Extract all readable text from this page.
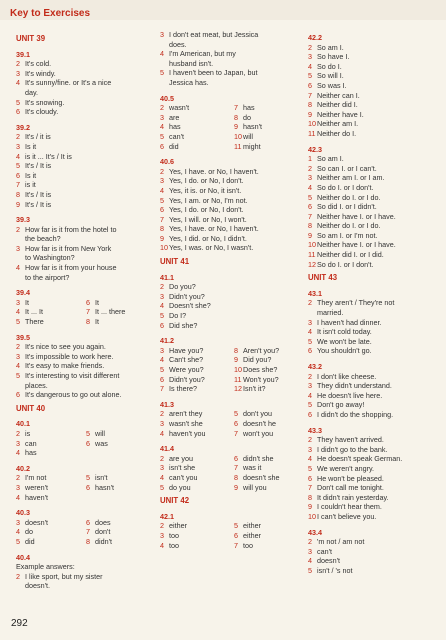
Key to Exercises
UNIT 39
39.1
2 It's cold.
3 It's windy.
4 It's sunny/fine. or It's a nice
day.
5 It's snowing.
6 It's cloudy.
39.2
2 It's / it is
3 Is it
4 is it ... It's / It is
5 It's / It is
6 Is it
7 is it
8 It's / It is
9 It's / It is
39.3
2 How far is it from the hotel to
the beach?
3 How far is it from New York
to Washington?
4 How far is it from your house
to the airport?
39.4
3 It
4 It ... It
5 There
6 It
7 It ... there
8 It
39.5
2 It's nice to see you again.
3 It's impossible to work here.
4 It's easy to make friends.
5 It's interesting to visit different
places.
6 It's dangerous to go out alone.
UNIT 40
40.1
2 is
3 can
4 has
5 will
6 was
40.2
2 I'm not
3 weren't
4 haven't
5 isn't
6 hasn't
40.3
3 doesn't
4 do
5 did
6 does
7 don't
8 didn't
40.4
Example answers:
2 I like sport, but my sister
doesn't.
3 I don't eat meat, but Jessica
does.
4 I'm American, but my
husband isn't.
5 I haven't been to Japan, but
Jessica has.
40.5
2 wasn't
3 are
4 has
5 can't
6 did
7 has
8 do
9 hasn't
10 will
11 might
40.6
2 Yes, I have. or No, I haven't.
3 Yes, I do. or No, I don't.
4 Yes, it is. or No, it isn't.
5 Yes, I am. or No, I'm not.
6 Yes, I do. or No, I don't.
7 Yes, I will. or No, I won't.
8 Yes, I have. or No, I haven't.
9 Yes, I did. or No, I didn't.
10 Yes, I was. or No, I wasn't.
UNIT 41
41.1
2 Do you?
3 Didn't you?
4 Doesn't she?
5 Do I?
6 Did she?
41.2
3 Have you?
4 Can't she?
5 Were you?
6 Didn't you?
7 Is there?
8 Aren't you?
9 Did you?
10 Does she?
11 Won't you?
12 Isn't it?
41.3
2 aren't they
3 wasn't she
4 haven't you
5 don't you
6 doesn't he
7 won't you
41.4
2 are you
3 isn't she
4 can't you
5 do you
6 didn't she
7 was it
8 doesn't she
9 will you
UNIT 42
42.1
2 either
3 too
4 too
5 either
6 either
7 too
42.2
2 So am I.
3 So have I.
4 So do I.
5 So will I.
6 So was I.
7 Neither can I.
8 Neither did I.
9 Neither have I.
10 Neither am I.
11 Neither do I.
42.3
1 So am I.
2 So can I. or I can't.
3 Neither am I. or I am.
4 So do I. or I don't.
5 Neither do I. or I do.
6 So did I. or I didn't.
7 Neither have I. or I have.
8 Neither do I. or I do.
9 So am I. or I'm not.
10 Neither have I. or I have.
11 Neither did I. or I did.
12 So do I. or I don't.
UNIT 43
43.1
2 They aren't / They're not
married.
3 I haven't had dinner.
4 It isn't cold today.
5 We won't be late.
6 You shouldn't go.
43.2
2 I don't like cheese.
3 They didn't understand.
4 He doesn't live here.
5 Don't go away!
6 I didn't do the shopping.
43.3
2 They haven't arrived.
3 I didn't go to the bank.
4 He doesn't speak German.
5 We weren't angry.
6 He won't be pleased.
7 Don't call me tonight.
8 It didn't rain yesterday.
9 I couldn't hear them.
10 I can't believe you.
43.4
2 'm not / am not
3 can't
4 doesn't
5 isn't / 's not
292
